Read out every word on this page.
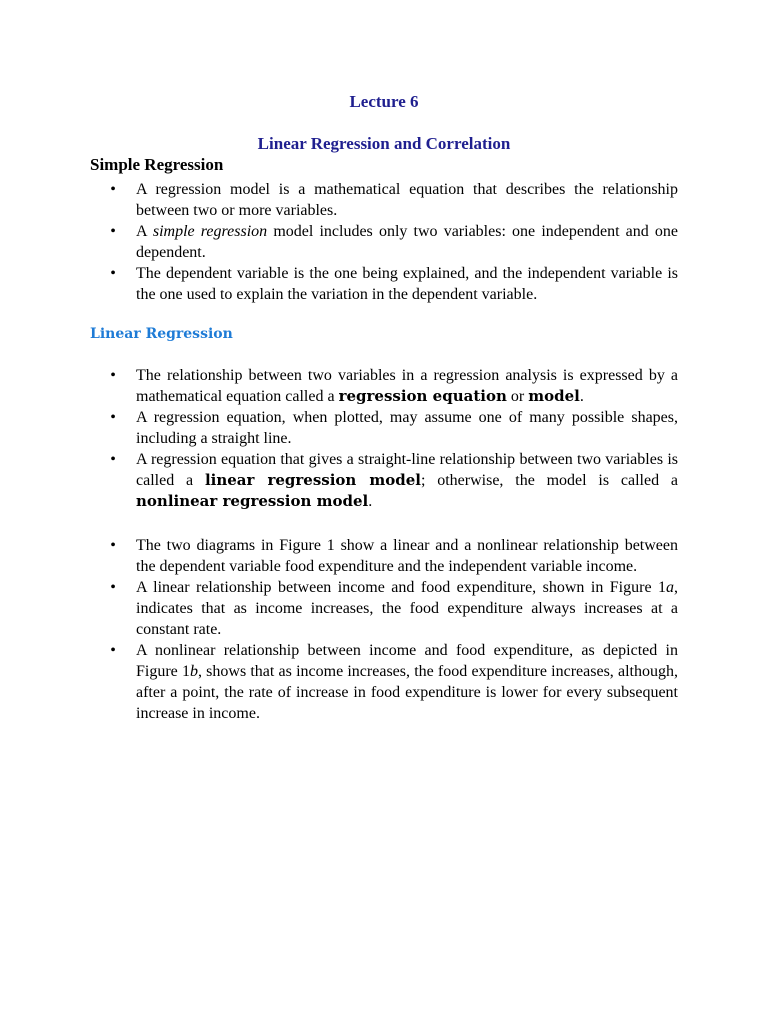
Lecture 6
Linear Regression and Correlation
Simple Regression
• A regression model is a mathematical equation that describes the relationship between two or more variables.
• A simple regression model includes only two variables: one independent and one dependent.
• The dependent variable is the one being explained, and the independent variable is the one used to explain the variation in the dependent variable.
Linear Regression
• The relationship between two variables in a regression analysis is expressed by a mathematical equation called a regression equation or model.
• A regression equation, when plotted, may assume one of many possible shapes, including a straight line.
• A regression equation that gives a straight-line relationship between two variables is called a linear regression model; otherwise, the model is called a nonlinear regression model.
• The two diagrams in Figure 1 show a linear and a nonlinear relationship between the dependent variable food expenditure and the independent variable income.
• A linear relationship between income and food expenditure, shown in Figure 1a, indicates that as income increases, the food expenditure always increases at a constant rate.
• A nonlinear relationship between income and food expenditure, as depicted in Figure 1b, shows that as income increases, the food expenditure increases, although, after a point, the rate of increase in food expenditure is lower for every subsequent increase in income.
